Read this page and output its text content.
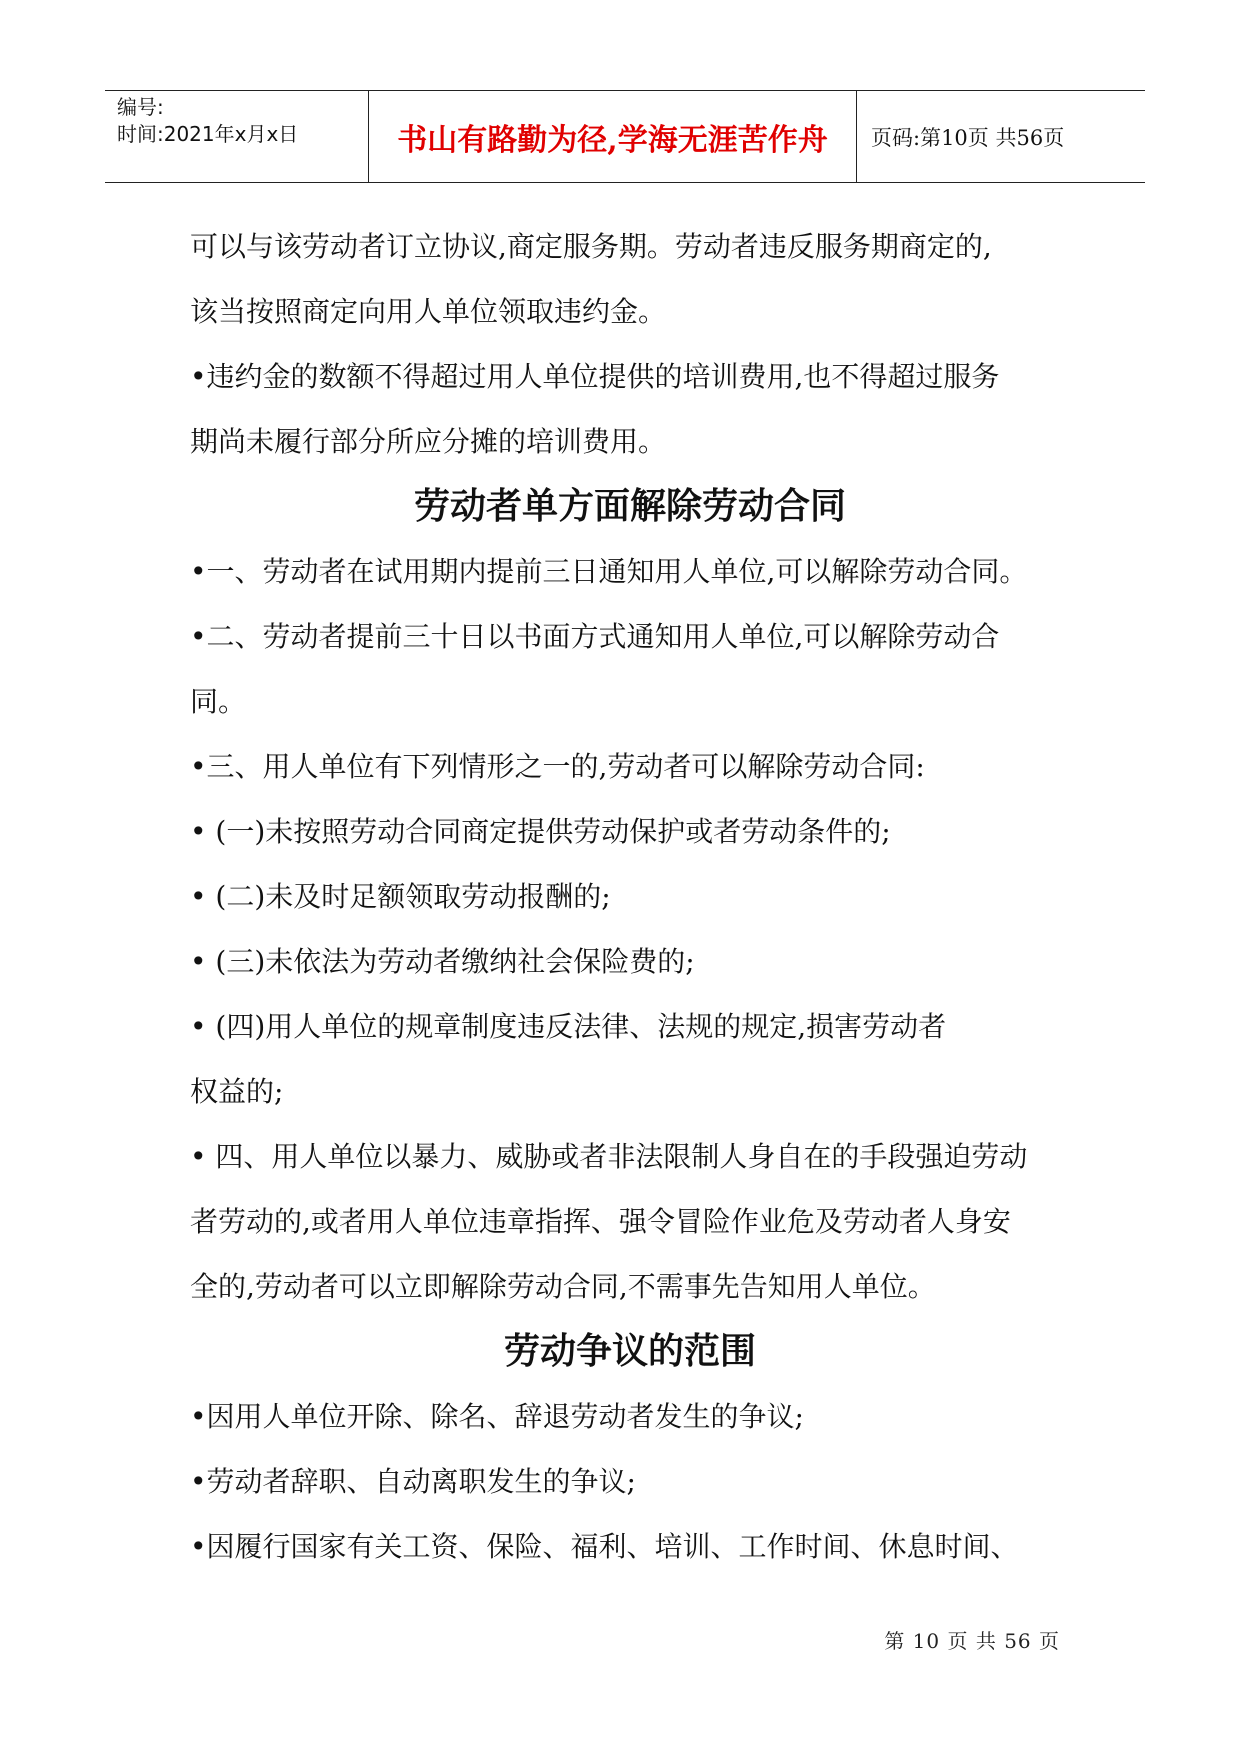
编号:
时间:2021年x月x日	书山有路勤为径,学海无涯苦作舟	页码:第10页 共56页

可以与该劳动者订立协议,商定服务期。劳动者违反服务期商定的,

该当按照商定向用人单位领取违约金。

•违约金的数额不得超过用人单位提供的培训费用,也不得超过服务

期尚未履行部分所应分摊的培训费用。

劳动者单方面解除劳动合同

•一、劳动者在试用期内提前三日通知用人单位,可以解除劳动合同。

•二、劳动者提前三十日以书面方式通知用人单位,可以解除劳动合

同。

•三、用人单位有下列情形之一的,劳动者可以解除劳动合同:

• (一)未按照劳动合同商定提供劳动保护或者劳动条件的;

• (二)未及时足额领取劳动报酬的;

• (三)未依法为劳动者缴纳社会保险费的;

• (四)用人单位的规章制度违反法律、法规的规定,损害劳动者

权益的;

• 四、用人单位以暴力、威胁或者非法限制人身自在的手段强迫劳动

者劳动的,或者用人单位违章指挥、强令冒险作业危及劳动者人身安

全的,劳动者可以立即解除劳动合同,不需事先告知用人单位。

劳动争议的范围

•因用人单位开除、除名、辞退劳动者发生的争议;

•劳动者辞职、自动离职发生的争议;

•因履行国家有关工资、保险、福利、培训、工作时间、休息时间、

第 10 页 共 56 页
